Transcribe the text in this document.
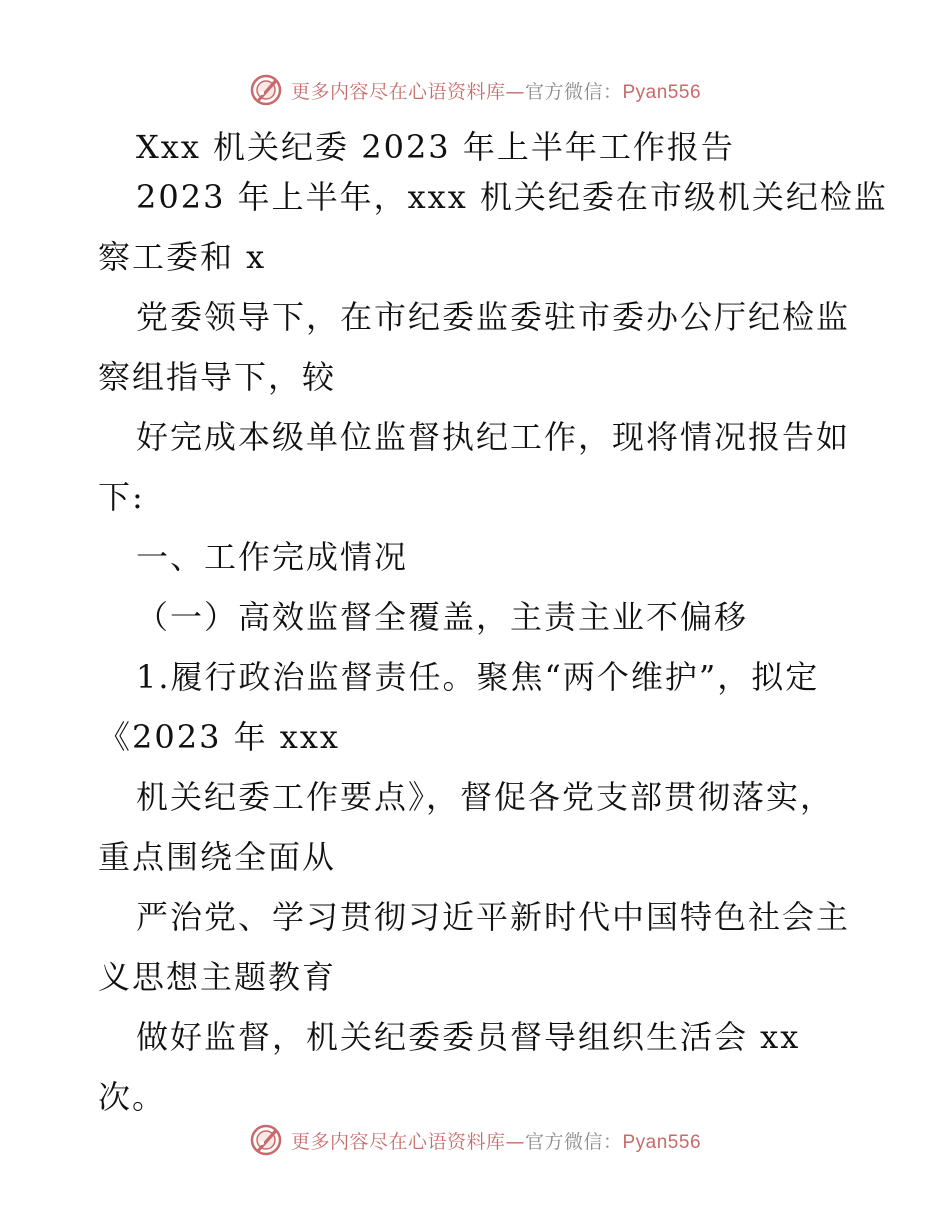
更多内容尽在心语资料库—官方微信：Pyan556

Xxx 机关纪委 2023 年上半年工作报告

2023 年上半年，xxx 机关纪委在市级机关纪检监

察工委和 x

党委领导下，在市纪委监委驻市委办公厅纪检监

察组指导下，较

好完成本级单位监督执纪工作，现将情况报告如

下:

一、工作完成情况

（一）高效监督全覆盖，主责主业不偏移

1.履行政治监督责任。聚焦“两个维护”，拟定

《2023 年 xxx

机关纪委工作要点》，督促各党支部贯彻落实，

重点围绕全面从

严治党、学习贯彻习近平新时代中国特色社会主

义思想主题教育

做好监督，机关纪委委员督导组织生活会 xx

次。

更多内容尽在心语资料库—官方微信：Pyan556
